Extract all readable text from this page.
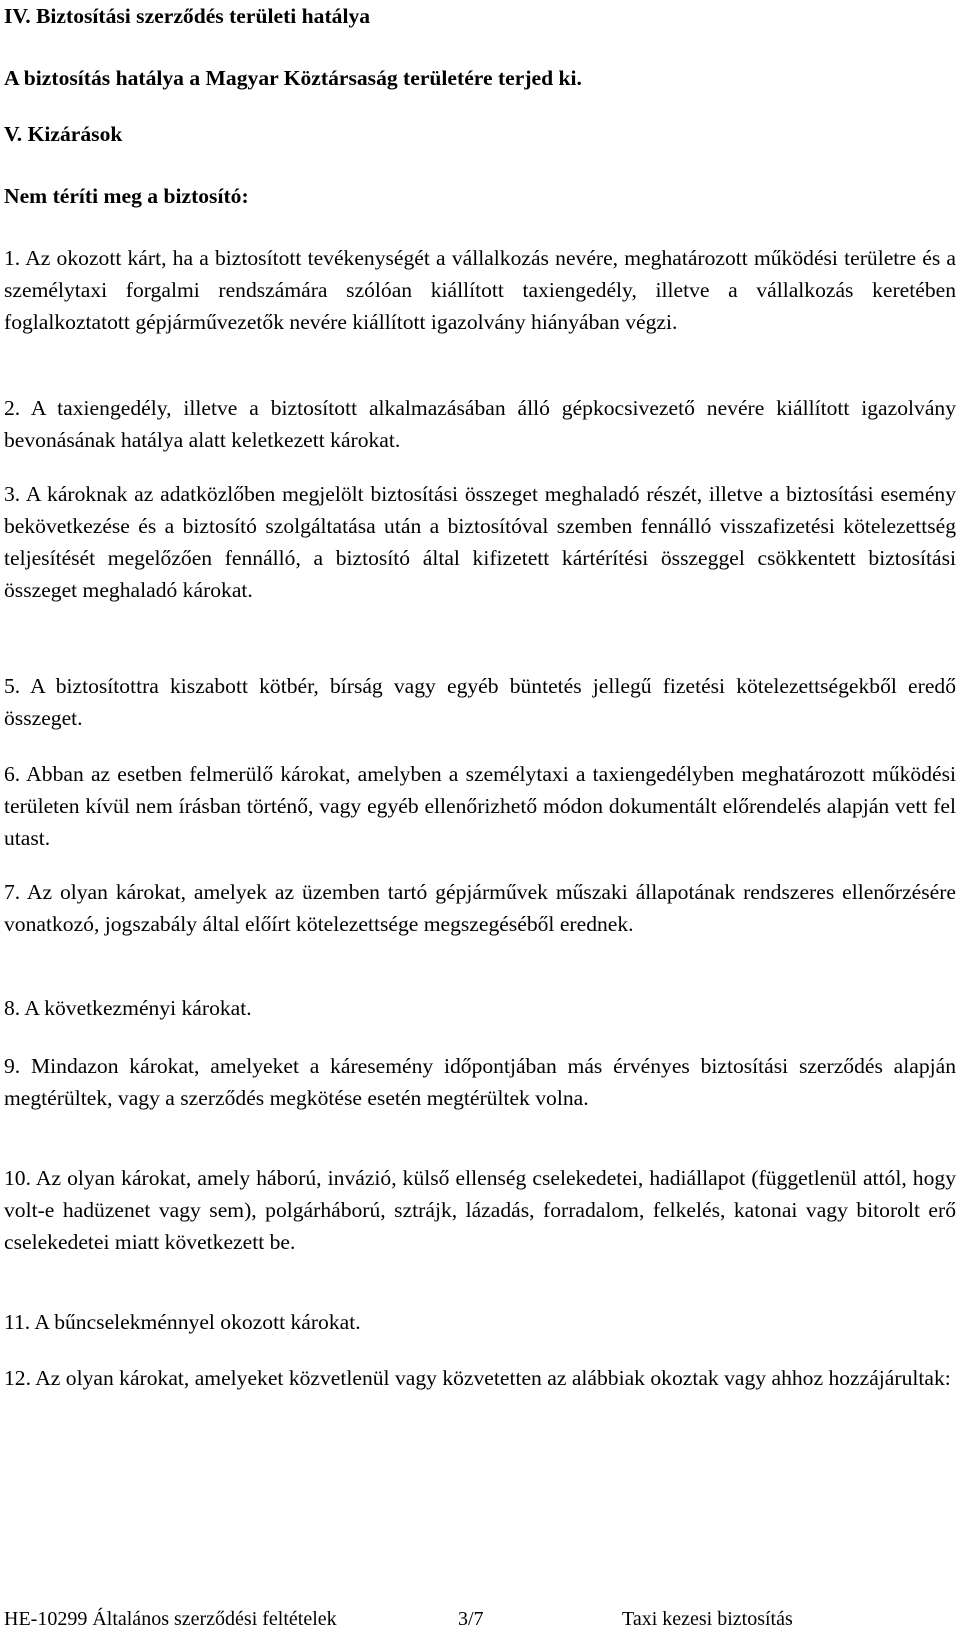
IV. Biztosítási szerződés területi hatálya

A biztosítás hatálya a Magyar Köztársaság területére terjed ki.

V. Kizárások

Nem téríti meg a biztosító:

1. Az okozott kárt, ha a biztosított tevékenységét a vállalkozás nevére, meghatározott működési területre és a személytaxi forgalmi rendszámára szólóan kiállított taxiengedély, illetve a vállalkozás keretében foglalkoztatott gépjárművezetők nevére kiállított igazolvány hiányában végzi.

2. A taxiengedély, illetve a biztosított alkalmazásában álló gépkocsivezető nevére kiállított igazolvány bevonásának hatálya alatt keletkezett károkat.

3. A károknak az adatközlőben megjelölt biztosítási összeget meghaladó részét, illetve a biztosítási esemény bekövetkezése és a biztosító szolgáltatása után a biztosítóval szemben fennálló visszafizetési kötelezettség teljesítését megelőzően fennálló, a biztosító által kifizetett kártérítési összeggel csökkentett biztosítási összeget meghaladó károkat.

5. A biztosítottra kiszabott kötbér, bírság vagy egyéb büntetés jellegű fizetési kötelezettségekből eredő összeget.

6. Abban az esetben felmerülő károkat, amelyben a személytaxi a taxiengedélyben meghatározott működési területen kívül nem írásban történő, vagy egyéb ellenőrizhető módon dokumentált előrendelés alapján vett fel utast.

7. Az olyan károkat, amelyek az üzemben tartó gépjárművek műszaki állapotának rendszeres ellenőrzésére vonatkozó, jogszabály által előírt kötelezettsége megszegéséből erednek.

8. A következményi károkat.

9. Mindazon károkat, amelyeket a káresemény időpontjában más érvényes biztosítási szerződés alapján megtérültek, vagy a szerződés megkötése esetén megtérültek volna.

10. Az olyan károkat, amely háború, invázió, külső ellenség cselekedetei, hadiállapot (függetlenül attól, hogy volt-e hadüzenet vagy sem), polgárháború, sztrájk, lázadás, forradalom, felkelés, katonai vagy bitorolt erő cselekedetei miatt következett be.

11. A bűncselekménnyel okozott károkat.

12. Az olyan károkat, amelyeket közvetlenül vagy közvetetten az alábbiak okoztak vagy ahhoz hozzájárultak:

HE-10299 Általános szerződési feltételek	3/7	Taxi kezesi biztosítás
